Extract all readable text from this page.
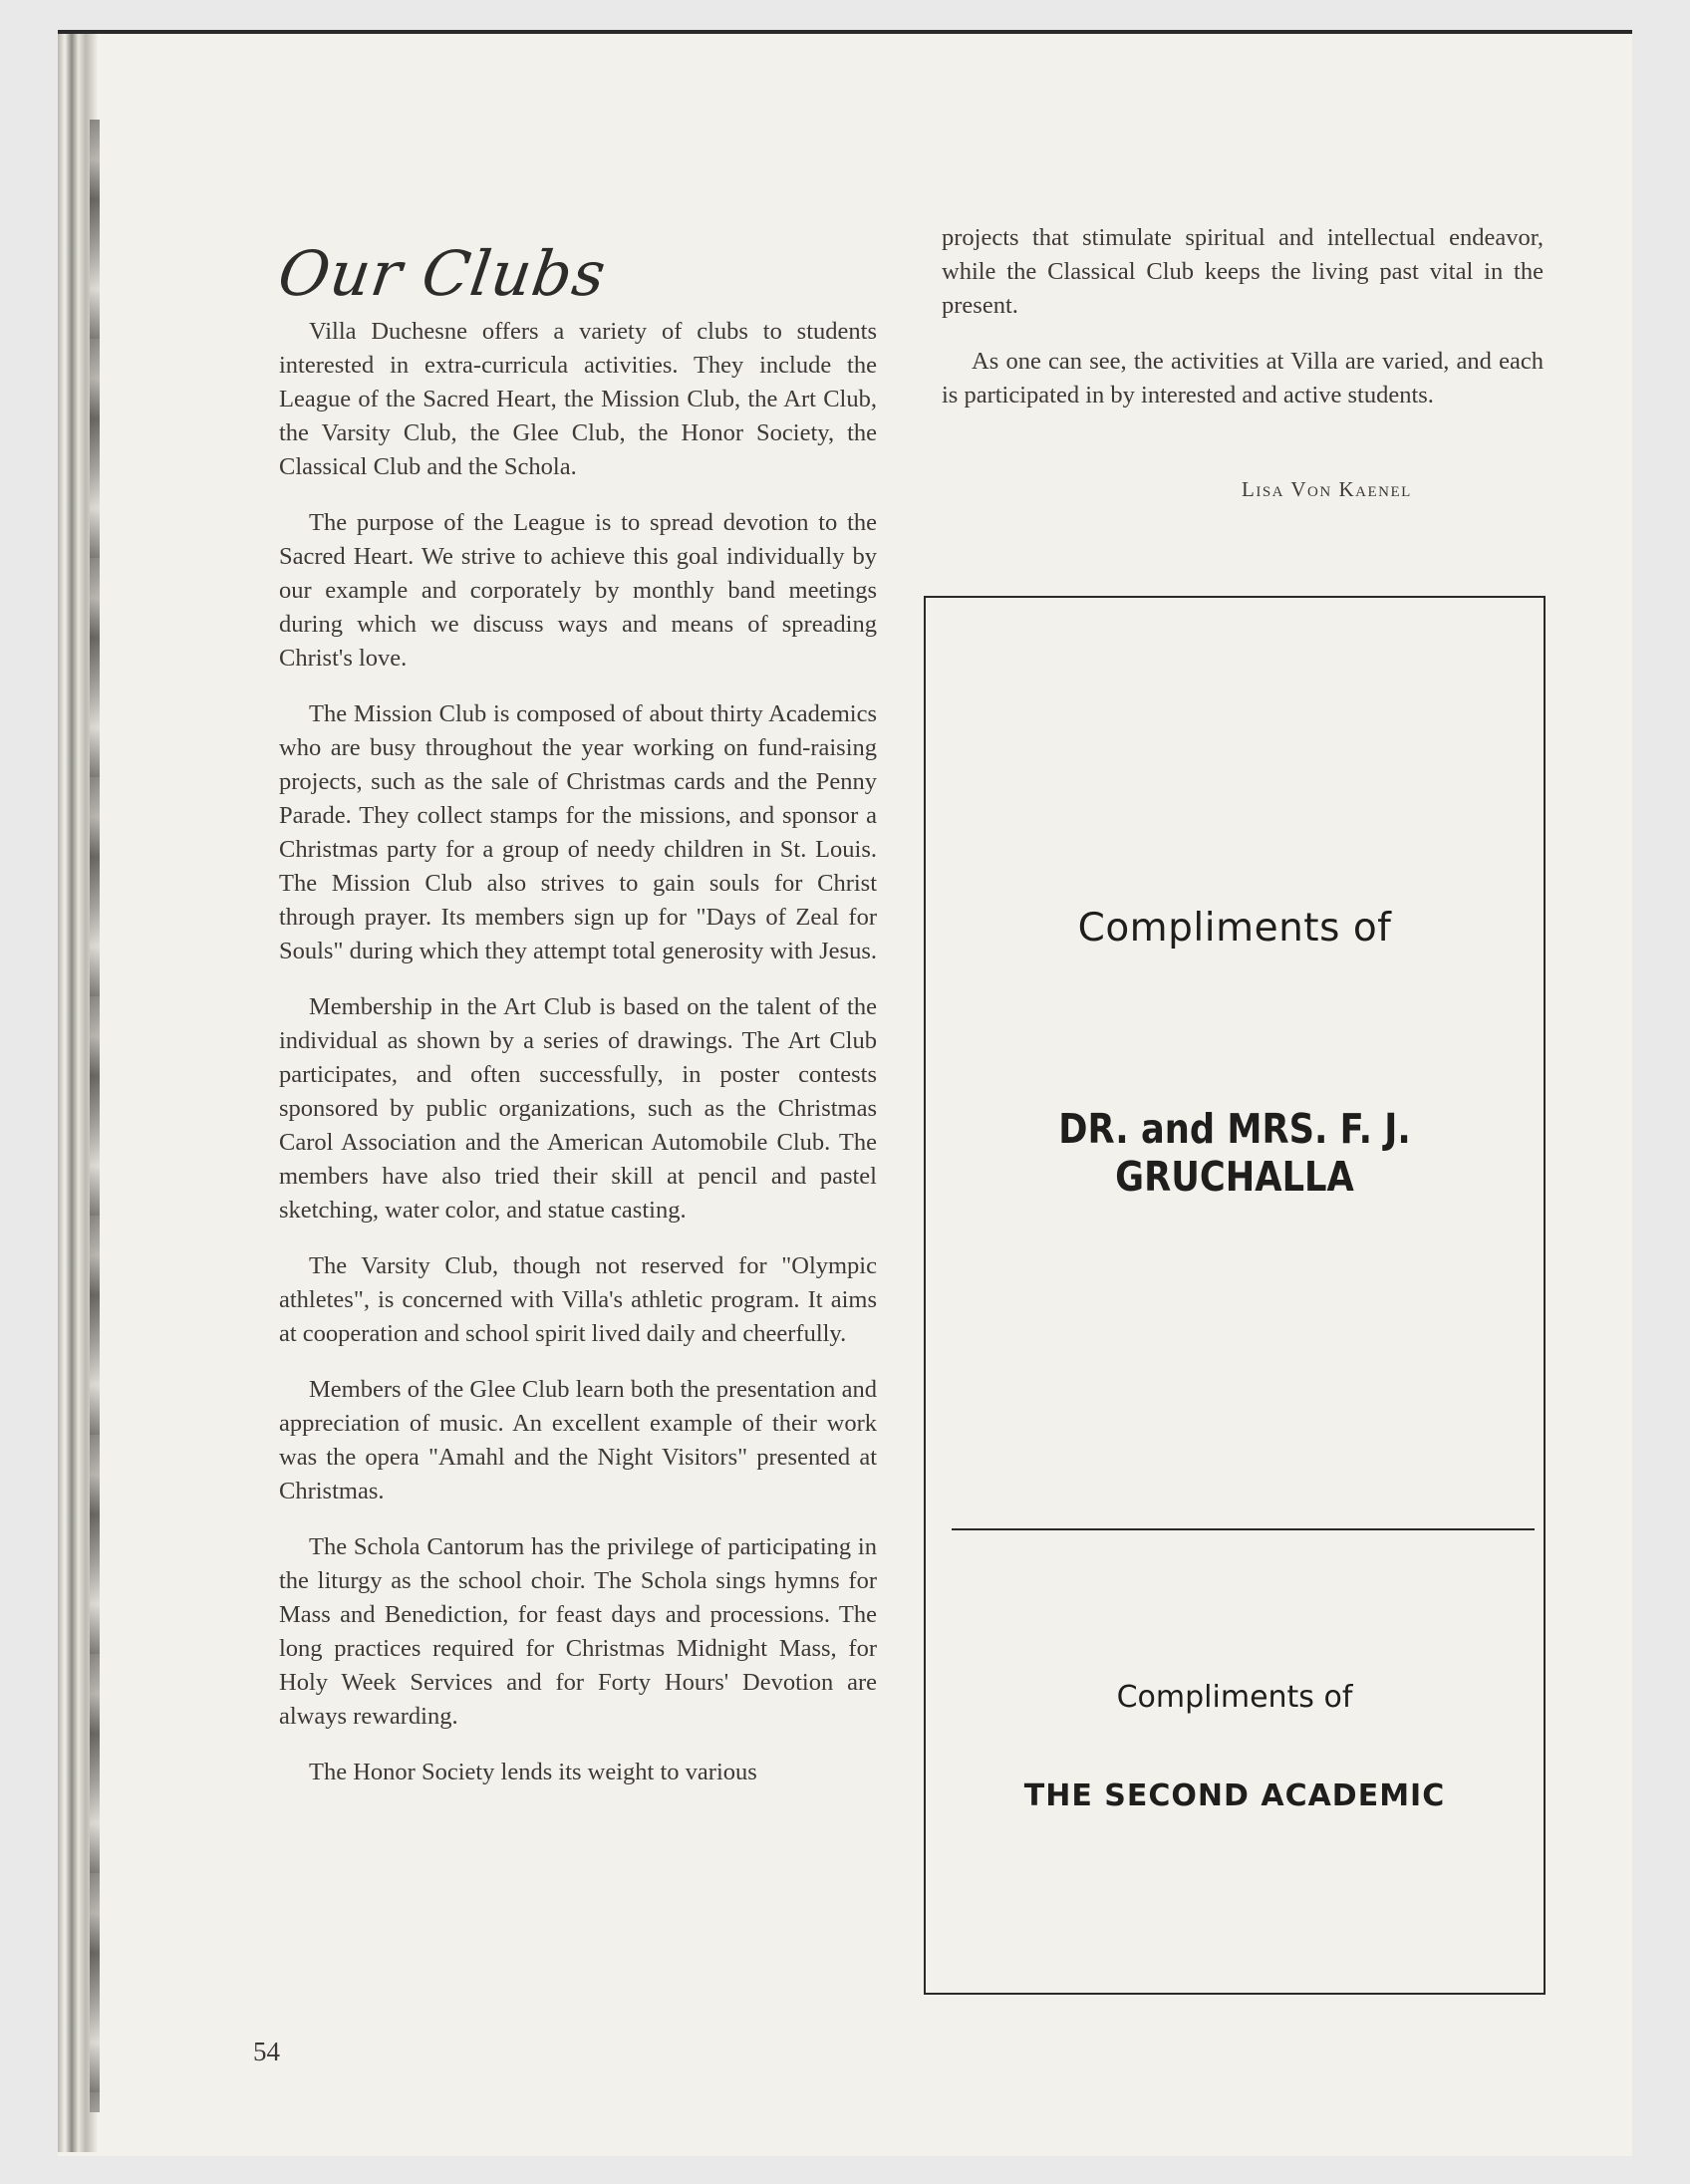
Our Clubs

Villa Duchesne offers a variety of clubs to students interested in extra-curricula activities. They include the League of the Sacred Heart, the Mission Club, the Art Club, the Varsity Club, the Glee Club, the Honor Society, the Classical Club and the Schola.

The purpose of the League is to spread devotion to the Sacred Heart. We strive to achieve this goal individually by our example and corporately by monthly band meetings during which we discuss ways and means of spreading Christ's love.

The Mission Club is composed of about thirty Academics who are busy throughout the year working on fund-raising projects, such as the sale of Christmas cards and the Penny Parade. They collect stamps for the missions, and sponsor a Christmas party for a group of needy children in St. Louis. The Mission Club also strives to gain souls for Christ through prayer. Its members sign up for "Days of Zeal for Souls" during which they attempt total generosity with Jesus.

Membership in the Art Club is based on the talent of the individual as shown by a series of drawings. The Art Club participates, and often successfully, in poster contests sponsored by public organizations, such as the Christmas Carol Association and the American Automobile Club. The members have also tried their skill at pencil and pastel sketching, water color, and statue casting.

The Varsity Club, though not reserved for "Olympic athletes", is concerned with Villa's athletic program. It aims at cooperation and school spirit lived daily and cheerfully.

Members of the Glee Club learn both the presentation and appreciation of music. An excellent example of their work was the opera "Amahl and the Night Visitors" presented at Christmas.

The Schola Cantorum has the privilege of participating in the liturgy as the school choir. The Schola sings hymns for Mass and Benediction, for feast days and processions. The long practices required for Christmas Midnight Mass, for Holy Week Services and for Forty Hours' Devotion are always rewarding.

The Honor Society lends its weight to various

projects that stimulate spiritual and intellectual endeavor, while the Classical Club keeps the living past vital in the present.

As one can see, the activities at Villa are varied, and each is participated in by interested and active students.

Lisa Von Kaenel
Compliments of
DR. and MRS. F. J. GRUCHALLA
Compliments of
THE SECOND ACADEMIC
54
